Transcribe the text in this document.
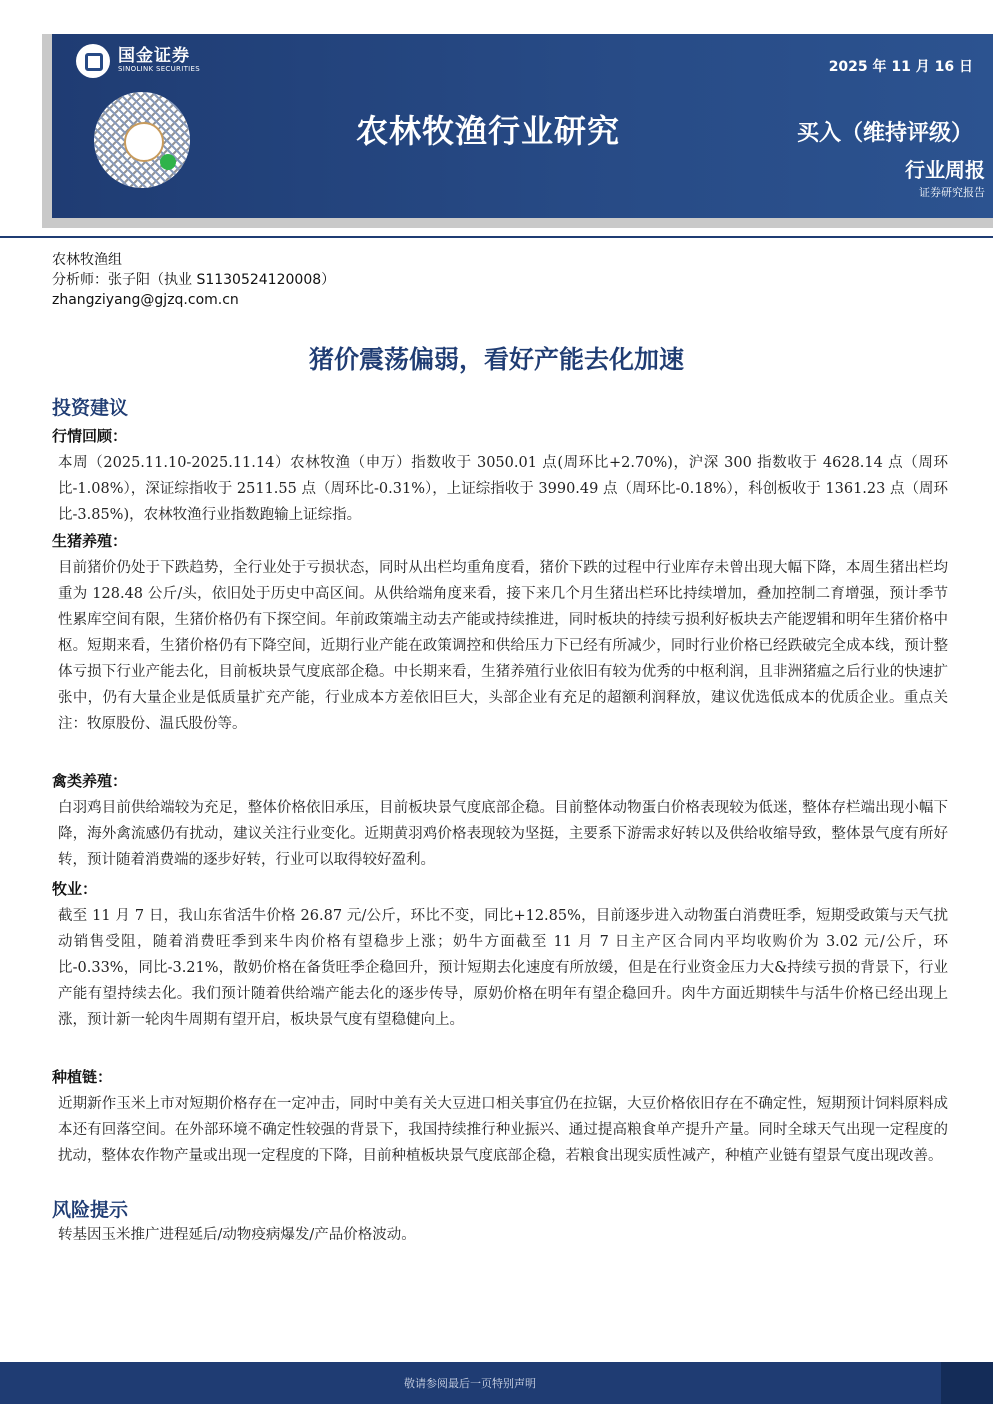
国金证券
SINOLINK SECURITIES	2025 年 11 月 16 日
农林牧渔行业研究	买入（维持评级）
行业周报
证券研究报告
农林牧渔组
分析师：张子阳（执业 S1130524120008）
zhangziyang@gjzq.com.cn
猪价震荡偏弱，看好产能去化加速
投资建议
行情回顾：

本周（2025.11.10-2025.11.14）农林牧渔（申万）指数收于 3050.01 点(周环比+2.70%)，沪深 300 指数收于 4628.14 点（周环比-1.08%），深证综指收于 2511.55 点（周环比-0.31%），上证综指收于 3990.49 点（周环比-0.18%），科创板收于 1361.23 点（周环比-3.85%)，农林牧渔行业指数跑输上证综指。

生猪养殖：

目前猪价仍处于下跌趋势，全行业处于亏损状态，同时从出栏均重角度看，猪价下跌的过程中行业库存未曾出现大幅下降，本周生猪出栏均重为 128.48 公斤/头，依旧处于历史中高区间。从供给端角度来看，接下来几个月生猪出栏环比持续增加，叠加控制二育增强，预计季节性累库空间有限，生猪价格仍有下探空间。年前政策端主动去产能或持续推进，同时板块的持续亏损利好板块去产能逻辑和明年生猪价格中枢。短期来看，生猪价格仍有下降空间，近期行业产能在政策调控和供给压力下已经有所减少，同时行业价格已经跌破完全成本线，预计整体亏损下行业产能去化，目前板块景气度底部企稳。中长期来看，生猪养殖行业依旧有较为优秀的中枢利润，且非洲猪瘟之后行业的快速扩张中，仍有大量企业是低质量扩充产能，行业成本方差依旧巨大，头部企业有充足的超额利润释放，建议优选低成本的优质企业。重点关注：牧原股份、温氏股份等。

禽类养殖：

白羽鸡目前供给端较为充足，整体价格依旧承压，目前板块景气度底部企稳。目前整体动物蛋白价格表现较为低迷，整体存栏端出现小幅下降，海外禽流感仍有扰动，建议关注行业变化。近期黄羽鸡价格表现较为坚挺，主要系下游需求好转以及供给收缩导致，整体景气度有所好转，预计随着消费端的逐步好转，行业可以取得较好盈利。

牧业：

截至 11 月 7 日，我山东省活牛价格 26.87 元/公斤，环比不变，同比+12.85%，目前逐步进入动物蛋白消费旺季，短期受政策与天气扰动销售受阻，随着消费旺季到来牛肉价格有望稳步上涨；奶牛方面截至 11 月 7 日主产区合同内平均收购价为 3.02 元/公斤，环比-0.33%，同比-3.21%，散奶价格在备货旺季企稳回升，预计短期去化速度有所放缓，但是在行业资金压力大&持续亏损的背景下，行业产能有望持续去化。我们预计随着供给端产能去化的逐步传导，原奶价格在明年有望企稳回升。肉牛方面近期犊牛与活牛价格已经出现上涨，预计新一轮肉牛周期有望开启，板块景气度有望稳健向上。

种植链：

近期新作玉米上市对短期价格存在一定冲击，同时中美有关大豆进口相关事宜仍在拉锯，大豆价格依旧存在不确定性，短期预计饲料原料成本还有回落空间。在外部环境不确定性较强的背景下，我国持续推行种业振兴、通过提高粮食单产提升产量。同时全球天气出现一定程度的扰动，整体农作物产量或出现一定程度的下降，目前种植板块景气度底部企稳，若粮食出现实质性减产，种植产业链有望景气度出现改善。

风险提示

转基因玉米推广进程延后/动物疫病爆发/产品价格波动。

敬请参阅最后一页特别声明
